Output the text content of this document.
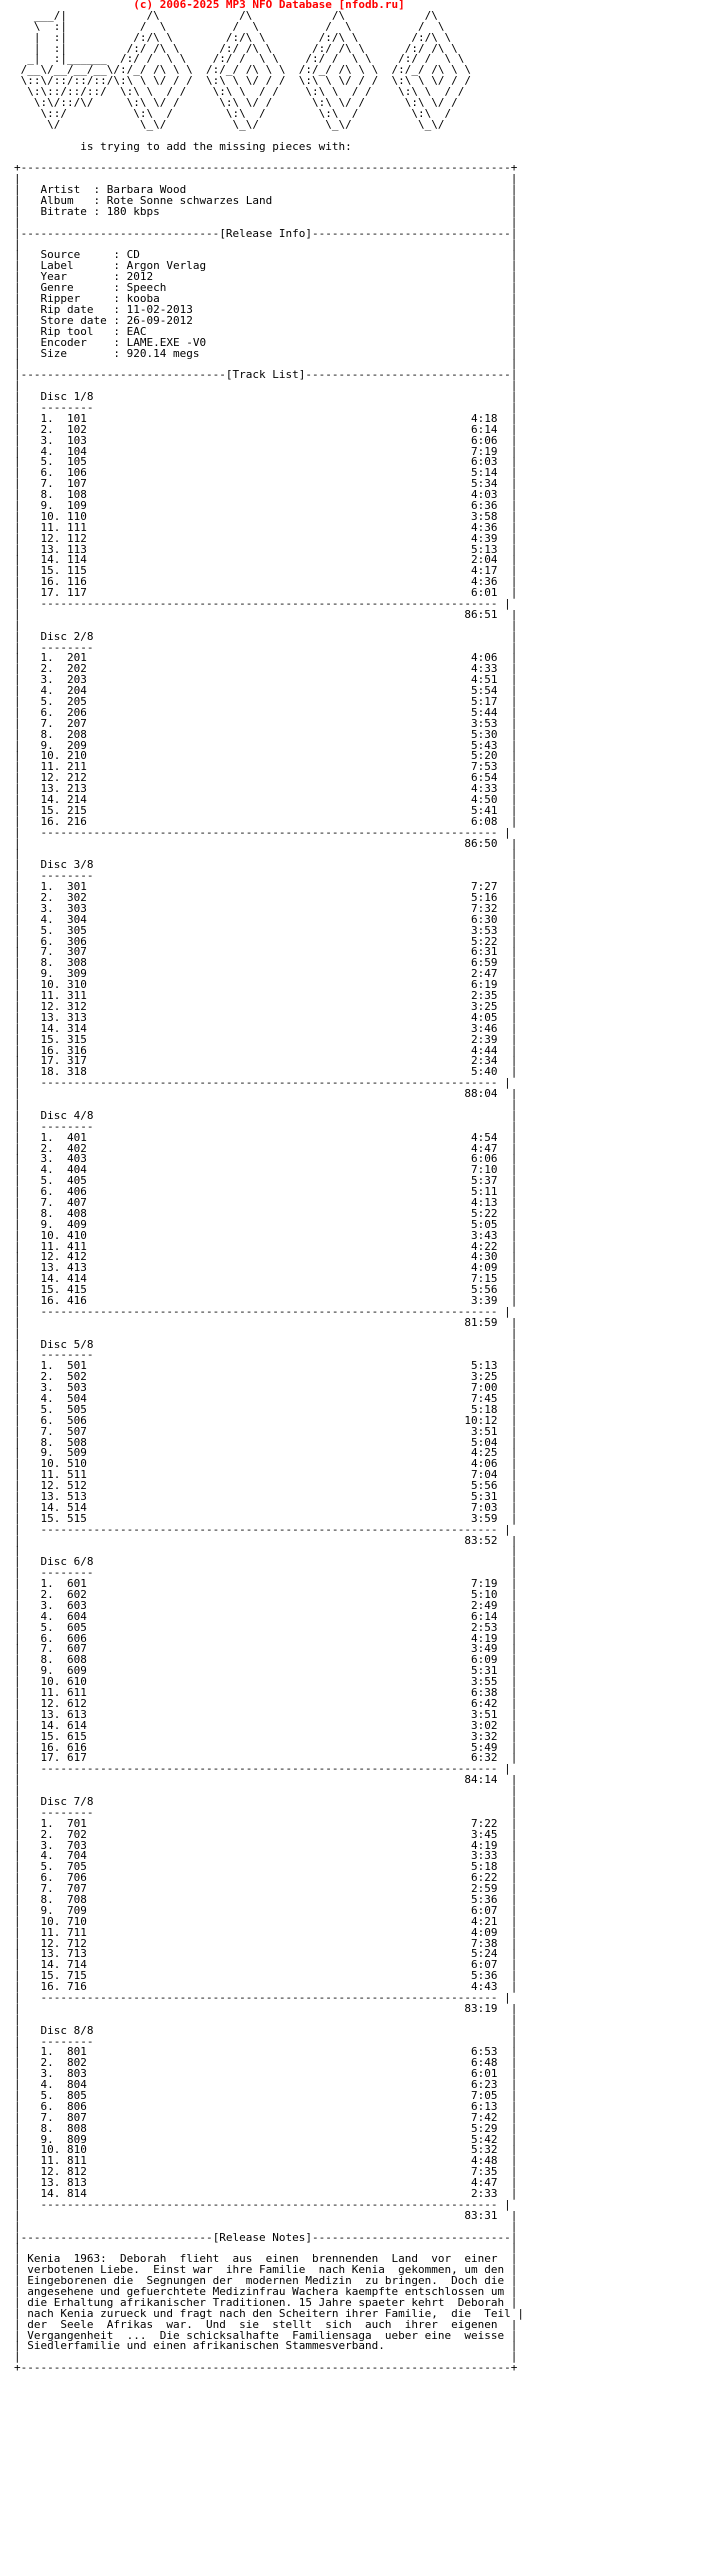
(c) 2006-2025 MP3 NFO Database [nfodb.ru]
___/|            /\            /\            /\            /\
\  :|           /  \          /  \          /  \          /  \
|  :|          /:/\ \        /:/\ \        /:/\ \        /:/\ \
|  :|         /:/ /\ \      /:/ /\ \      /:/ /\ \      /:/ /\ \
_|  :|______  /:/ /  \ \    /:/ /  \ \    /:/ /  \ \    /:/ /  \ \
/__\/__/__/__\/:/_/ /\ \ \  /:/_/ /\ \ \  /:/_/ /\ \ \  /:/_/ /\ \ \
\::\/::/::/::/\:\ \ \/ / /  \:\ \ \/ / /  \:\ \ \/ / /  \:\ \ \/ / /
\:\::/::/::/  \:\ \  / /    \:\ \  / /    \:\ \  / /    \:\ \  / /
\:\/::/\/     \:\ \/ /      \:\ \/ /      \:\ \/ /      \:\ \/ /
\::/          \:\  /        \:\  /        \:\  /        \:\  /
\/            \_\/          \_\/          \_\/          \_\/
is trying to add the missing pieces with:
+--------------------------------------------------------------------------+
|                                                                          |
|   Artist  : Barbara Wood                                                 |
|   Album   : Rote Sonne schwarzes Land                                    |
|   Bitrate : 180 kbps                                                     |
|                                                                          |
|------------------------------[Release Info]------------------------------|
|                                                                          |
|   Source     : CD                                                        |
|   Label      : Argon Verlag                                              |
|   Year       : 2012                                                      |
|   Genre      : Speech                                                    |
|   Ripper     : kooba                                                     |
|   Rip date   : 11-02-2013                                                |
|   Store date : 26-09-2012                                                |
|   Rip tool   : EAC                                                       |
|   Encoder    : LAME.EXE -V0                                              |
|   Size       : 920.14 megs                                               |
|                                                                          |
|-------------------------------[Track List]-------------------------------|
|                                                                          |
|   Disc 1/8                                                               |
|   --------                                                               |
|   1.  101	4:18  |
|   2.  102	6:14  |
|   3.  103	6:06  |
|   4.  104	7:19  |
|   5.  105	6:03  |
|   6.  106	5:14  |
|   7.  107	5:34  |
|   8.  108	4:03  |
|   9.  109	6:36  |
|   10. 110	3:58  |
|   11. 111	4:36  |
|   12. 112	4:39  |
|   13. 113	5:13  |
|   14. 114	2:04  |
|   15. 115	4:17  |
|   16. 116	4:36  |
|   17. 117	6:01  |
|   --------------------------------------------------------------------- |
|                                                                   86:51  |
|                                                                          |
|   Disc 2/8                                                               |
|   --------                                                               |
|   1.  201	4:06  |
|   2.  202	4:33  |
|   3.  203	4:51  |
|   4.  204	5:54  |
|   5.  205	5:17  |
|   6.  206	5:44  |
|   7.  207	3:53  |
|   8.  208	5:30  |
|   9.  209	5:43  |
|   10. 210	5:20  |
|   11. 211	7:53  |
|   12. 212	6:54  |
|   13. 213	4:33  |
|   14. 214	4:50  |
|   15. 215	5:41  |
|   16. 216	6:08  |
|   --------------------------------------------------------------------- |
|                                                                   86:50  |
|                                                                          |
|   Disc 3/8                                                               |
|   --------                                                               |
|   1.  301	7:27  |
|   2.  302	5:16  |
|   3.  303	7:32  |
|   4.  304	6:30  |
|   5.  305	3:53  |
|   6.  306	5:22  |
|   7.  307	6:31  |
|   8.  308	6:59  |
|   9.  309	2:47  |
|   10. 310	6:19  |
|   11. 311	2:35  |
|   12. 312	3:25  |
|   13. 313	4:05  |
|   14. 314	3:46  |
|   15. 315	2:39  |
|   16. 316	4:44  |
|   17. 317	2:34  |
|   18. 318	5:40  |
|   --------------------------------------------------------------------- |
|                                                                   88:04  |
|                                                                          |
|   Disc 4/8                                                               |
|   --------                                                               |
|   1.  401	4:54  |
|   2.  402	4:47  |
|   3.  403	6:06  |
|   4.  404	7:10  |
|   5.  405	5:37  |
|   6.  406	5:11  |
|   7.  407	4:13  |
|   8.  408	5:22  |
|   9.  409	5:05  |
|   10. 410	3:43  |
|   11. 411	4:22  |
|   12. 412	4:30  |
|   13. 413	4:09  |
|   14. 414	7:15  |
|   15. 415	5:56  |
|   16. 416	3:39  |
|   --------------------------------------------------------------------- |
|                                                                   81:59  |
|                                                                          |
|   Disc 5/8                                                               |
|   --------                                                               |
|   1.  501	5:13  |
|   2.  502	3:25  |
|   3.  503	7:00  |
|   4.  504	7:45  |
|   5.  505	5:18  |
|   6.  506	10:12  |
|   7.  507	3:51  |
|   8.  508	5:04  |
|   9.  509	4:25  |
|   10. 510	4:06  |
|   11. 511	7:04  |
|   12. 512	5:56  |
|   13. 513	5:31  |
|   14. 514	7:03  |
|   15. 515	3:59  |
|   --------------------------------------------------------------------- |
|                                                                   83:52  |
|                                                                          |
|   Disc 6/8                                                               |
|   --------                                                               |
|   1.  601	7:19  |
|   2.  602	5:10  |
|   3.  603	2:49  |
|   4.  604	6:14  |
|   5.  605	2:53  |
|   6.  606	4:19  |
|   7.  607	3:49  |
|   8.  608	6:09  |
|   9.  609	5:31  |
|   10. 610	3:55  |
|   11. 611	6:38  |
|   12. 612	6:42  |
|   13. 613	3:51  |
|   14. 614	3:02  |
|   15. 615	3:32  |
|   16. 616	5:49  |
|   17. 617	6:32  |
|   --------------------------------------------------------------------- |
|                                                                   84:14  |
|                                                                          |
|   Disc 7/8                                                               |
|   --------                                                               |
|   1.  701	7:22  |
|   2.  702	3:45  |
|   3.  703	4:19  |
|   4.  704	3:33  |
|   5.  705	5:18  |
|   6.  706	6:22  |
|   7.  707	2:59  |
|   8.  708	5:36  |
|   9.  709	6:07  |
|   10. 710	4:21  |
|   11. 711	4:09  |
|   12. 712	7:38  |
|   13. 713	5:24  |
|   14. 714	6:07  |
|   15. 715	5:36  |
|   16. 716	4:43  |
|   --------------------------------------------------------------------- |
|                                                                   83:19  |
|                                                                          |
|   Disc 8/8                                                               |
|   --------                                                               |
|   1.  801	6:53  |
|   2.  802	6:48  |
|   3.  803	6:01  |
|   4.  804	6:23  |
|   5.  805	7:05  |
|   6.  806	6:13  |
|   7.  807	7:42  |
|   8.  808	5:29  |
|   9.  809	5:42  |
|   10. 810	5:32  |
|   11. 811	4:48  |
|   12. 812	7:35  |
|   13. 813	4:47  |
|   14. 814	2:33  |
|   --------------------------------------------------------------------- |
|                                                                   83:31  |
|                                                                          |
|-----------------------------[Release Notes]------------------------------|
|                                                                          |
| Kenia  1963:  Deborah  flieht  aus  einen  brennenden  Land  vor  einer  |
| verbotenen Liebe.  Einst war  ihre Familie  nach Kenia  gekommen, um den |
| Eingeborenen die  Segnungen der  modernen Medizin  zu bringen.  Doch die |
| angesehene und gefuerchtete Medizinfrau Wachera kaempfte entschlossen um |
| die Erhaltung afrikanischer Traditionen. 15 Jahre spaeter kehrt  Deborah |
| nach Kenia zurueck und fragt nach den Scheitern ihrer Familie,  die  Teil |
| der  Seele  Afrikas  war.  Und  sie  stellt  sich  auch  ihrer  eigenen  |
| Vergangenheit  ...  Die schicksalhafte  Familiensaga  ueber eine  weisse |
| Siedlerfamilie und einen afrikanischen Stammesverband.                   |
|                                                                          |
+--------------------------------------------------------------------------+
